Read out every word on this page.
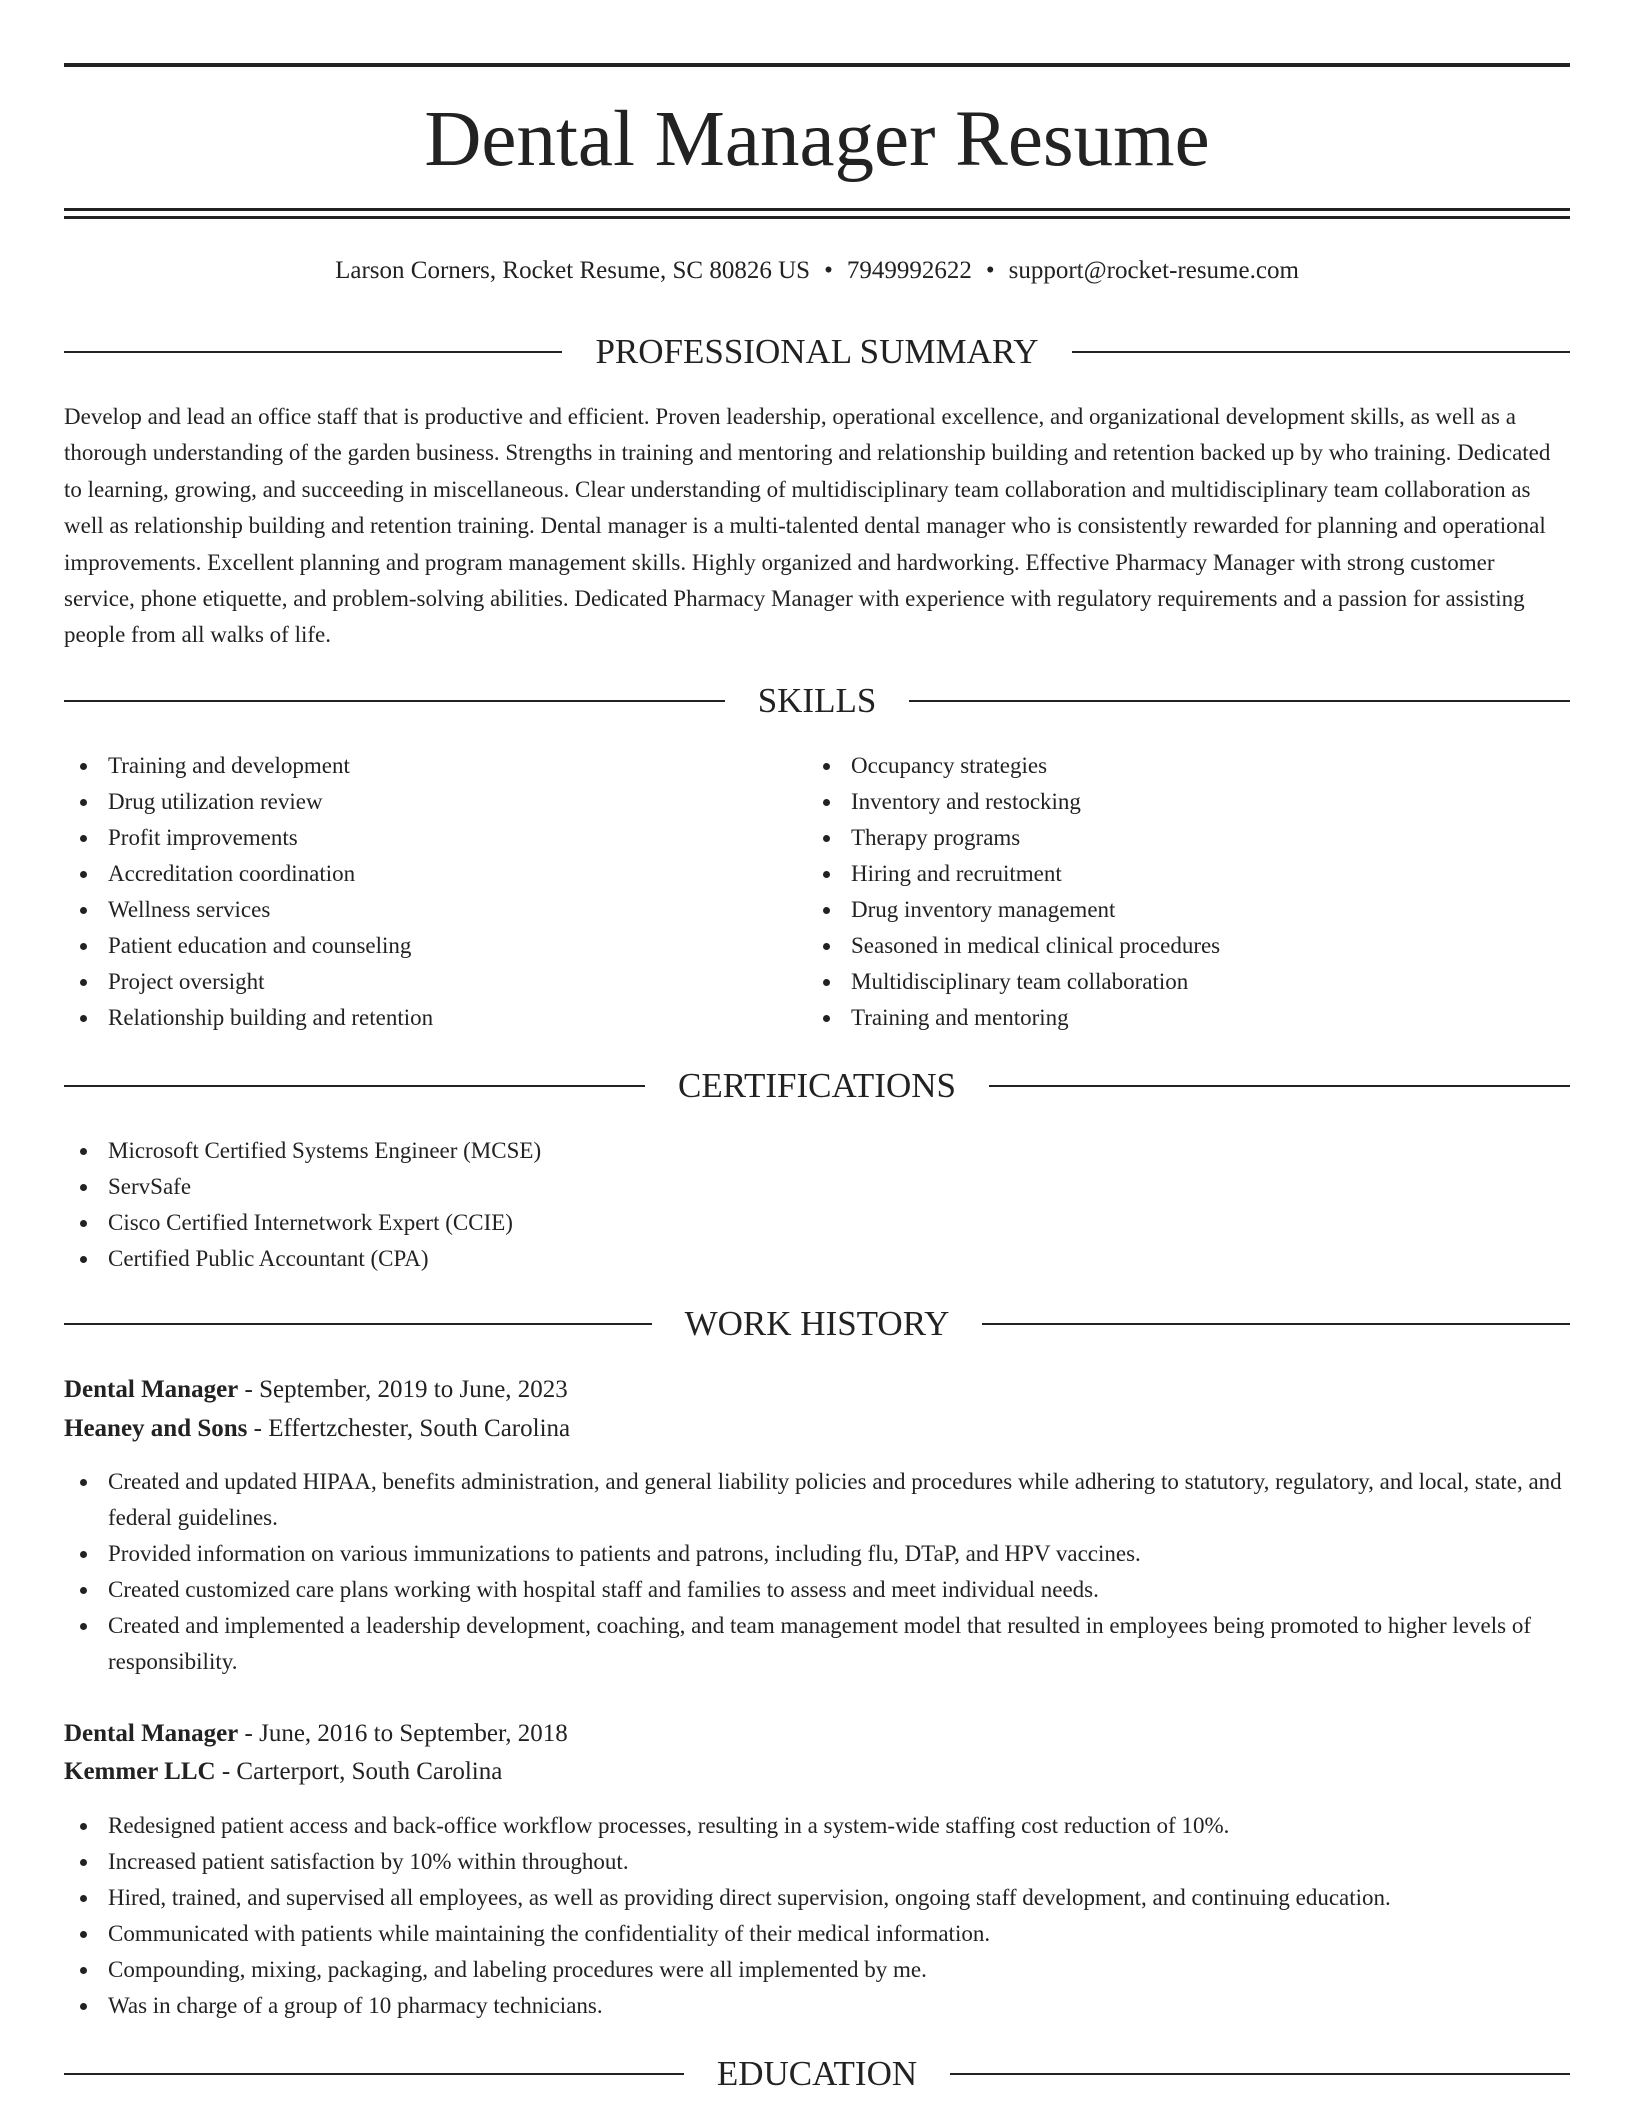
Dental Manager Resume
Larson Corners, Rocket Resume, SC 80826 US • 7949992622 • support@rocket-resume.com
PROFESSIONAL SUMMARY

Develop and lead an office staff that is productive and efficient. Proven leadership, operational excellence, and organizational development skills, as well as a thorough understanding of the garden business. Strengths in training and mentoring and relationship building and retention backed up by who training. Dedicated to learning, growing, and succeeding in miscellaneous. Clear understanding of multidisciplinary team collaboration and multidisciplinary team collaboration as well as relationship building and retention training. Dental manager is a multi-talented dental manager who is consistently rewarded for planning and operational improvements. Excellent planning and program management skills. Highly organized and hardworking. Effective Pharmacy Manager with strong customer service, phone etiquette, and problem-solving abilities. Dedicated Pharmacy Manager with experience with regulatory requirements and a passion for assisting people from all walks of life.

SKILLS
Training and development
Drug utilization review
Profit improvements
Accreditation coordination
Wellness services
Patient education and counseling
Project oversight
Relationship building and retention
Occupancy strategies
Inventory and restocking
Therapy programs
Hiring and recruitment
Drug inventory management
Seasoned in medical clinical procedures
Multidisciplinary team collaboration
Training and mentoring
CERTIFICATIONS
Microsoft Certified Systems Engineer (MCSE)
ServSafe
Cisco Certified Internetwork Expert (CCIE)
Certified Public Accountant (CPA)
WORK HISTORY
Dental Manager - September, 2019 to June, 2023
Heaney and Sons - Effertzchester, South Carolina
Created and updated HIPAA, benefits administration, and general liability policies and procedures while adhering to statutory, regulatory, and local, state, and federal guidelines.
Provided information on various immunizations to patients and patrons, including flu, DTaP, and HPV vaccines.
Created customized care plans working with hospital staff and families to assess and meet individual needs.
Created and implemented a leadership development, coaching, and team management model that resulted in employees being promoted to higher levels of responsibility.
Dental Manager - June, 2016 to September, 2018
Kemmer LLC - Carterport, South Carolina
Redesigned patient access and back-office workflow processes, resulting in a system-wide staffing cost reduction of 10%.
Increased patient satisfaction by 10% within throughout.
Hired, trained, and supervised all employees, as well as providing direct supervision, ongoing staff development, and continuing education.
Communicated with patients while maintaining the confidentiality of their medical information.
Compounding, mixing, packaging, and labeling procedures were all implemented by me.
Was in charge of a group of 10 pharmacy technicians.
EDUCATION
